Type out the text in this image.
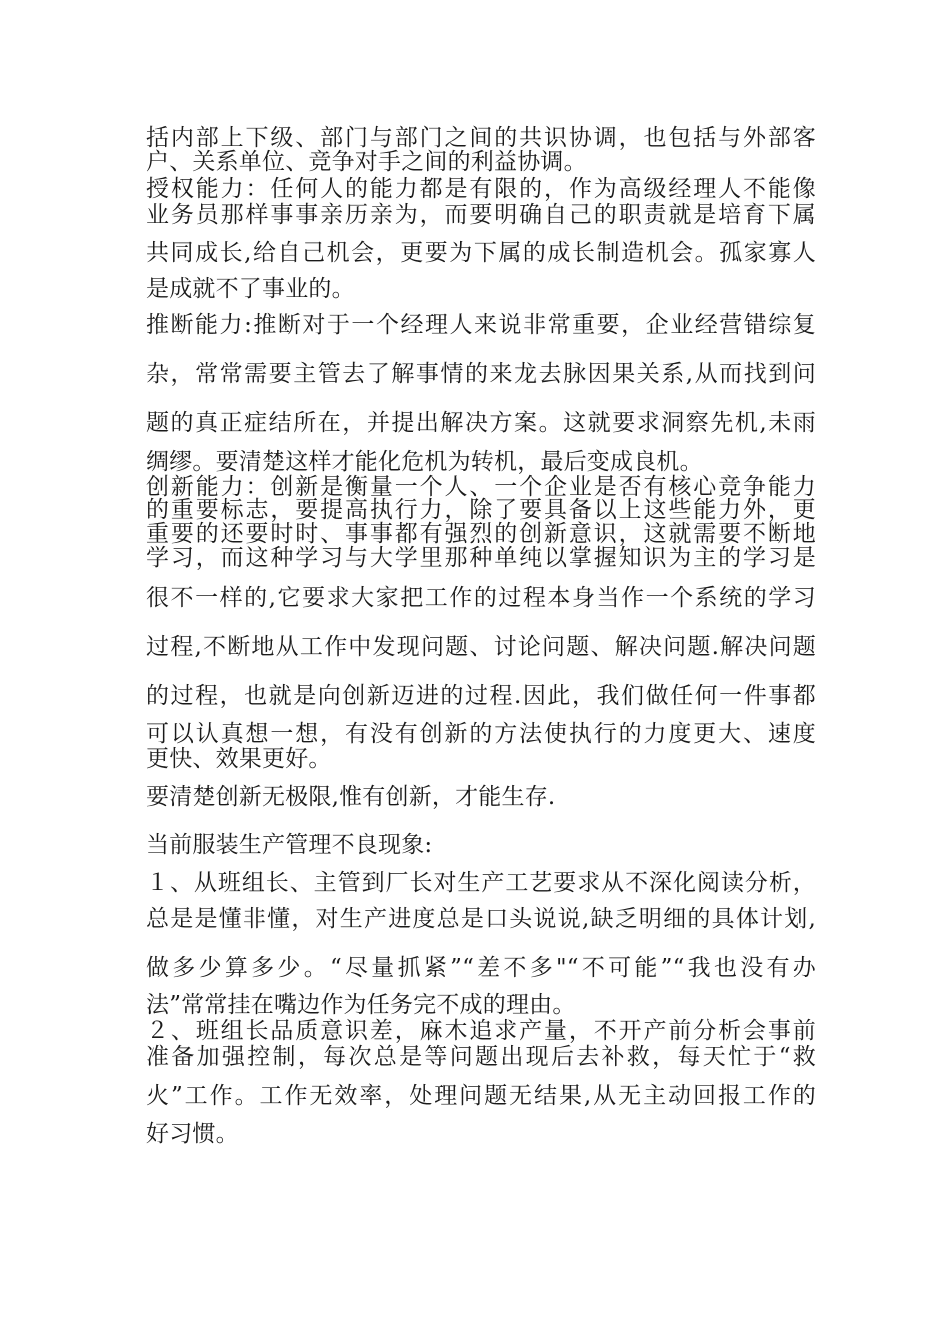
括内部上下级、部门与部门之间的共识协调，也包括与外部客

户、关系单位、竞争对手之间的利益协调。

授权能力：任何人的能力都是有限的，作为高级经理人不能像

业务员那样事事亲历亲为，而要明确自己的职责就是培育下属

共同成长,给自己机会，更要为下属的成长制造机会。孤家寡人

是成就不了事业的。

推断能力:推断对于一个经理人来说非常重要，企业经营错综复

杂，常常需要主管去了解事情的来龙去脉因果关系,从而找到问

题的真正症结所在，并提出解决方案。这就要求洞察先机,未雨

绸缪。要清楚这样才能化危机为转机，最后变成良机。

创新能力：创新是衡量一个人、一个企业是否有核心竞争能力

的重要标志，要提高执行力，除了要具备以上这些能力外，更

重要的还要时时、事事都有强烈的创新意识，这就需要不断地

学习，而这种学习与大学里那种单纯以掌握知识为主的学习是

很不一样的,它要求大家把工作的过程本身当作一个系统的学习

过程,不断地从工作中发现问题、讨论问题、解决问题.解决问题

的过程，也就是向创新迈进的过程.因此，我们做任何一件事都

可以认真想一想，有没有创新的方法使执行的力度更大、速度

更快、效果更好。

要清楚创新无极限,惟有创新，才能生存.

当前服装生产管理不良现象:

１、从班组长、主管到厂长对生产工艺要求从不深化阅读分析，

总是是懂非懂，对生产进度总是口头说说,缺乏明细的具体计划,

做多少算多少。“尽量抓紧”“差不多"“不可能”“我也没有办

法”常常挂在嘴边作为任务完不成的理由。

２、班组长品质意识差，麻木追求产量，不开产前分析会事前

准备加强控制，每次总是等问题出现后去补救，每天忙于“救

火”工作。工作无效率，处理问题无结果,从无主动回报工作的

好习惯。
